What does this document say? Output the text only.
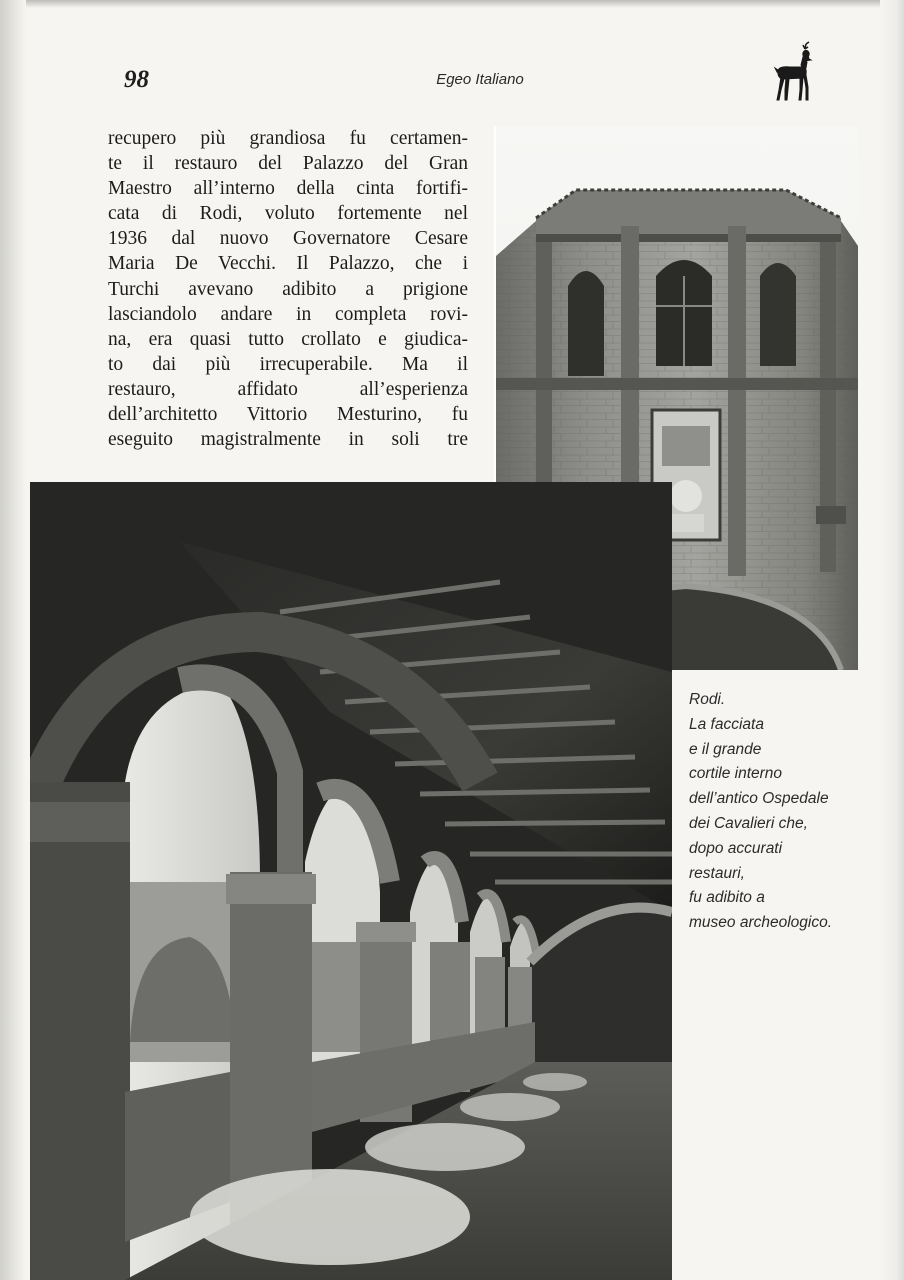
98	Egeo Italiano
recupero più grandiosa fu certamen-
te il restauro del Palazzo del Gran
Maestro all’interno della cinta fortifi-
cata di Rodi, voluto fortemente nel
1936 dal nuovo Governatore Cesare
Maria De Vecchi. Il Palazzo, che i
Turchi avevano adibito a prigione
lasciandolo andare in completa rovi-
na, era quasi tutto crollato e giudica-
to dai più irrecuperabile. Ma il
restauro, affidato all’esperienza
dell’architetto Vittorio Mesturino, fu
eseguito magistralmente in soli tre
Rodi.
La facciata
e il grande
cortile interno
dell’antico Ospedale
dei Cavalieri che,
dopo accurati
restauri,
fu adibito a
museo archeologico.
